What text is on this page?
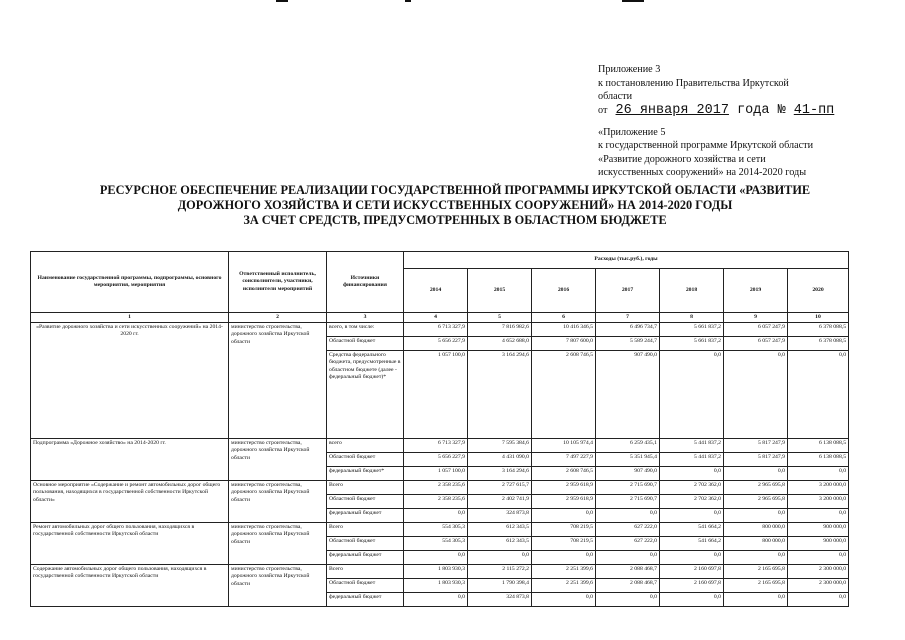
Приложение 3
к постановлению Правительства Иркутской
области
от 26 января 2017 года № 41-пп
«Приложение 5
к государственной программе Иркутской области
«Развитие дорожного хозяйства и сети
искусственных сооружений» на 2014-2020 годы
РЕСУРСНОЕ ОБЕСПЕЧЕНИЕ РЕАЛИЗАЦИИ ГОСУДАРСТВЕННОЙ ПРОГРАММЫ ИРКУТСКОЙ ОБЛАСТИ «РАЗВИТИЕ
ДОРОЖНОГО ХОЗЯЙСТВА И СЕТИ ИСКУССТВЕННЫХ СООРУЖЕНИЙ» НА 2014-2020 ГОДЫ
ЗА СЧЕТ СРЕДСТВ, ПРЕДУСМОТРЕННЫХ В ОБЛАСТНОМ БЮДЖЕТЕ
Наименование государственной программы, подпрограммы, основного мероприятия, мероприятия	Ответственный исполнитель, соисполнители, участники, исполнители мероприятий	Источники финансирования	Расходы (тыс.руб.), годы						
			2014	2015	2016	2017	2018	2019	2020
1	2	3	4	5	6	7	8	9	10
«Развитие дорожного хозяйства и сети искусственных сооружений» на 2014-2020 гг.	министерство строительства, дорожного хозяйства Иркутской области	всего, в том числе:	6 713 327,9	7 816 982,6	10 416 346,5	6 496 734,7	5 661 837,2	6 057 247,9	6 378 088,5
		Областной бюджет	5 656 227,9	4 652 688,0	7 807 600,0	5 589 244,7	5 661 837,2	6 057 247,9	6 378 088,5
		Средства федерального бюджета, предусмотренные в областном бюджете (далее - федеральный бюджет)*	1 057 100,0	3 164 294,6	2 608 746,5	907 490,0	0,0	0,0	0,0
Подпрограмма «Дорожное хозяйство» на 2014-2020 гг.	министерство строительства, дорожного хозяйства Иркутской области	всего	6 713 327,9	7 595 384,6	10 105 974,4	6 259 435,1	5 441 837,2	5 817 247,9	6 138 088,5
		Областной бюджет	5 656 227,9	4 431 090,0	7 497 227,9	5 351 945,4	5 441 837,2	5 817 247,9	6 138 088,5
		федеральный бюджет*	1 057 100,0	3 164 294,6	2 608 746,5	907 490,0	0,0	0,0	0,0
Основное мероприятие «Содержание и ремонт автомобильных дорог общего пользования, находящихся в государственной собственности Иркутской области»	министерство строительства, дорожного хозяйства Иркутской области	Всего	2 358 235,6	2 727 615,7	2 959 618,9	2 715 690,7	2 702 362,0	2 965 695,8	3 200 000,0
		Областной бюджет	2 358 235,6	2 402 741,9	2 959 618,9	2 715 690,7	2 702 362,0	2 965 695,8	3 200 000,0
		федеральный бюджет	0,0	324 873,8	0,0	0,0	0,0	0,0	0,0
Ремонт автомобильных дорог общего пользования, находящихся в государственной собственности Иркутской области	министерство строительства, дорожного хозяйства Иркутской области	Всего	554 305,3	612 343,5	708 219,5	627 222,0	541 664,2	800 000,0	900 000,0
		Областной бюджет	554 305,3	612 343,5	708 219,5	627 222,0	541 664,2	800 000,0	900 000,0
		федеральный бюджет	0,0	0,0	0,0	0,0	0,0	0,0	0,0
Содержание автомобильных дорог общего пользования, находящихся в государственной собственности Иркутской области	министерство строительства, дорожного хозяйства Иркутской области	Всего	1 803 930,3	2 115 272,2	2 251 399,6	2 088 468,7	2 160 697,8	2 165 695,8	2 300 000,0
		Областной бюджет	1 803 930,3	1 790 398,4	2 251 399,6	2 088 468,7	2 160 697,8	2 165 695,8	2 300 000,0
		федеральный бюджет	0,0	324 873,8	0,0	0,0	0,0	0,0	0,0
